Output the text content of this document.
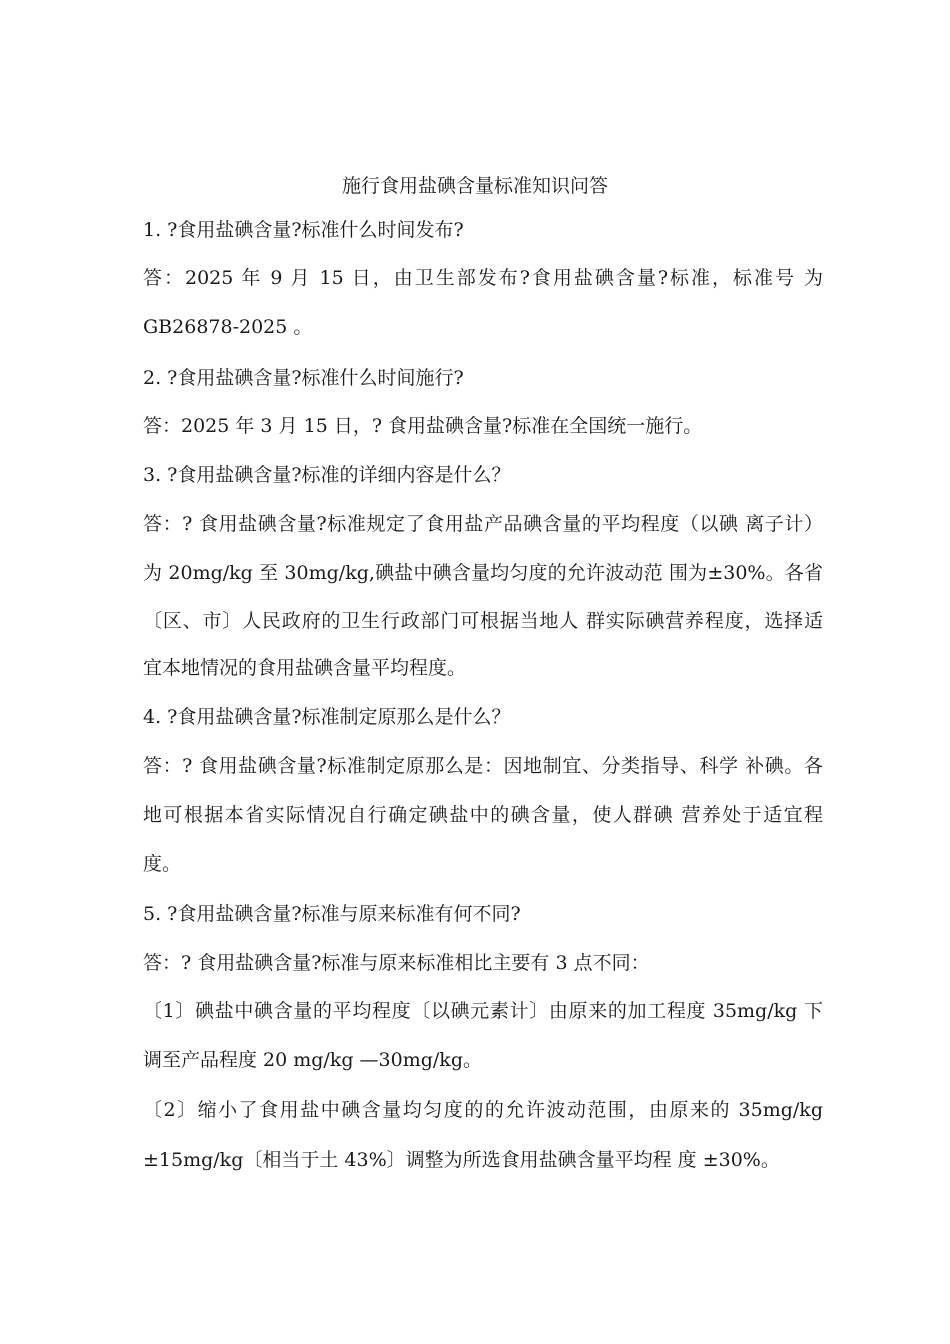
施行食用盐碘含量标准知识问答
1. ?食用盐碘含量?标准什么时间发布?
答：2025 年 9 月 15 日，由卫生部发布?食用盐碘含量?标准，标准号 为
GB26878-2025 。
2. ?食用盐碘含量?标准什么时间施行?
答：2025 年 3 月 15 日，? 食用盐碘含量?标准在全国统一施行。
3. ?食用盐碘含量?标准的详细内容是什么？
答：? 食用盐碘含量?标准规定了食用盐产品碘含量的平均程度（以碘 离子计）
为 20mg/kg 至 30mg/kg,碘盐中碘含量均匀度的允许波动范 围为±30%。各省
〔区、市〕人民政府的卫生行政部门可根据当地人 群实际碘营养程度，选择适
宜本地情况的食用盐碘含量平均程度。
4. ?食用盐碘含量?标准制定原那么是什么？
答：? 食用盐碘含量?标准制定原那么是：因地制宜、分类指导、科学 补碘。各
地可根据本省实际情况自行确定碘盐中的碘含量，使人群碘 营养处于适宜程
度。
5. ?食用盐碘含量?标准与原来标准有何不同?
答：? 食用盐碘含量?标准与原来标准相比主要有 3 点不同：
〔1〕碘盐中碘含量的平均程度〔以碘元素计〕由原来的加工程度 35mg/kg 下
调至产品程度 20 mg/kg —30mg/kg。
〔2〕缩小了食用盐中碘含量均匀度的的允许波动范围，由原来的 35mg/kg
±15mg/kg〔相当于土 43%〕调整为所选食用盐碘含量平均程 度 ±30%。
